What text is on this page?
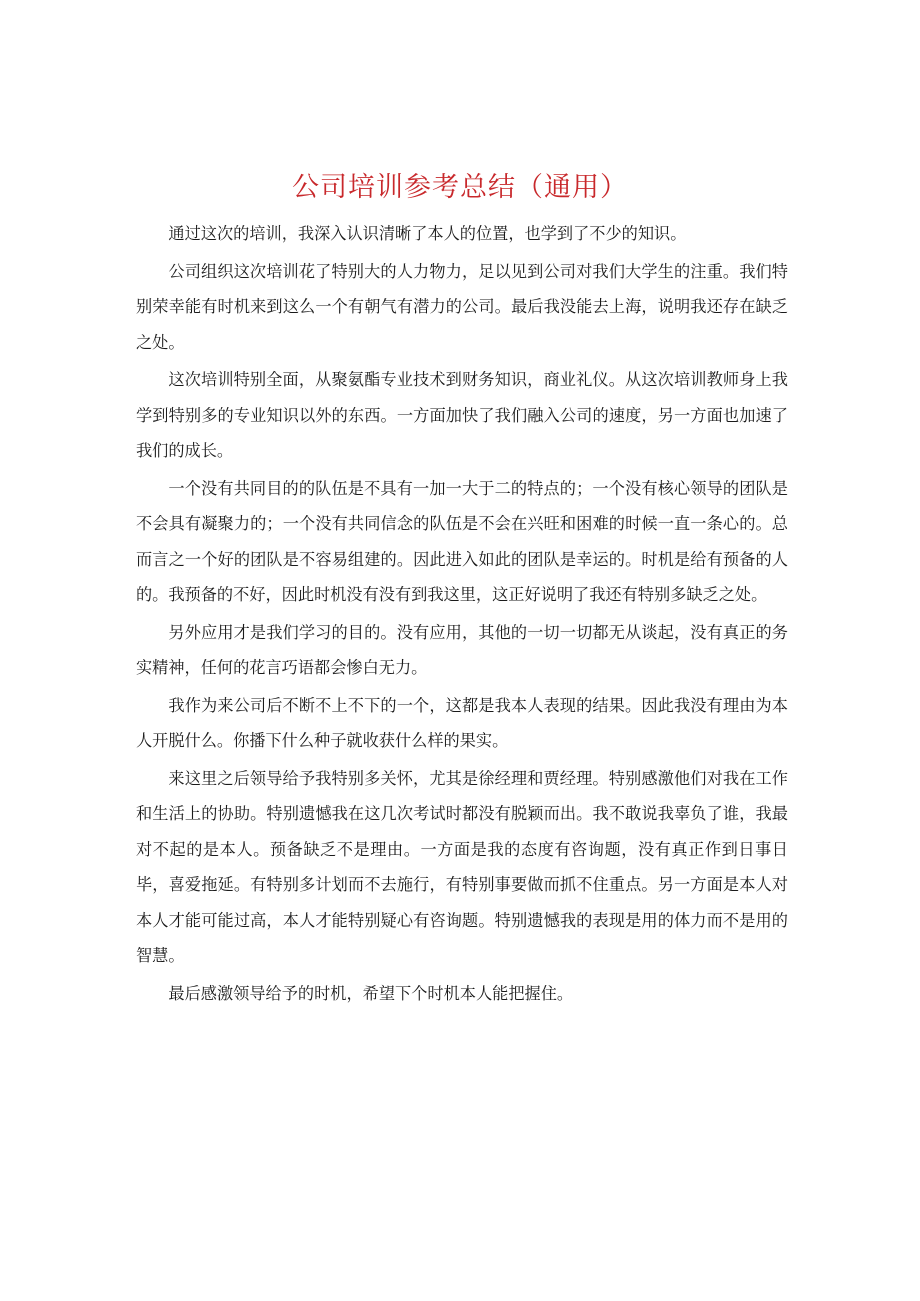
公司培训参考总结（通用）

通过这次的培训，我深入认识清晰了本人的位置，也学到了不少的知识。

公司组织这次培训花了特别大的人力物力，足以见到公司对我们大学生的注重。我们特别荣幸能有时机来到这么一个有朝气有潜力的公司。最后我没能去上海，说明我还存在缺乏之处。

这次培训特别全面，从聚氨酯专业技术到财务知识，商业礼仪。从这次培训教师身上我学到特别多的专业知识以外的东西。一方面加快了我们融入公司的速度，另一方面也加速了我们的成长。

一个没有共同目的的队伍是不具有一加一大于二的特点的；一个没有核心领导的团队是不会具有凝聚力的；一个没有共同信念的队伍是不会在兴旺和困难的时候一直一条心的。总而言之一个好的团队是不容易组建的。因此进入如此的团队是幸运的。时机是给有预备的人的。我预备的不好，因此时机没有没有到我这里，这正好说明了我还有特别多缺乏之处。

另外应用才是我们学习的目的。没有应用，其他的一切一切都无从谈起，没有真正的务实精神，任何的花言巧语都会惨白无力。

我作为来公司后不断不上不下的一个，这都是我本人表现的结果。因此我没有理由为本人开脱什么。你播下什么种子就收获什么样的果实。

来这里之后领导给予我特别多关怀，尤其是徐经理和贾经理。特别感激他们对我在工作和生活上的协助。特别遗憾我在这几次考试时都没有脱颖而出。我不敢说我辜负了谁，我最对不起的是本人。预备缺乏不是理由。一方面是我的态度有咨询题，没有真正作到日事日毕，喜爱拖延。有特别多计划而不去施行，有特别事要做而抓不住重点。另一方面是本人对本人才能可能过高，本人才能特别疑心有咨询题。特别遗憾我的表现是用的体力而不是用的智慧。

最后感激领导给予的时机，希望下个时机本人能把握住。
